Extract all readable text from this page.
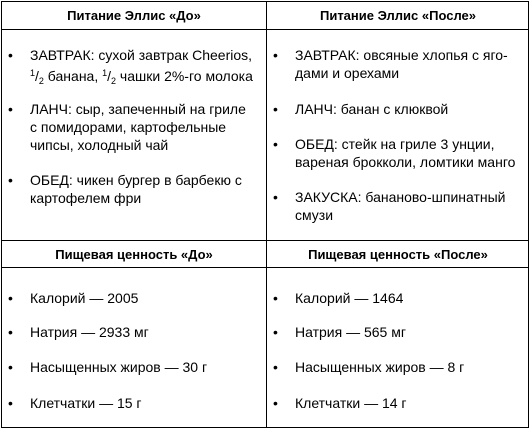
Питание Эллис «До»	Питание Эллис «После»
Пищевая ценность «До»	Пищевая ценность «После»
• ЗАВТРАК: сухой завтрак Cheerios,
$^1/_2$ банана, $^1/_2$ чашки 2%-го молока
• ЛАНЧ: сыр, запеченный на гриле
с помидорами, картофельные
чипсы, холодный чай
• ОБЕД: чикен бургер в барбекю с
картофелем фри
• ЗАВТРАК: овсяные хлопья с яго-
дами и орехами
• ЛАНЧ: банан с клюквой
• ОБЕД: стейк на гриле 3 унции,
вареная брокколи, ломтики манго
• ЗАКУСКА: бананово-шпинатный
смузи
• Калорий — 2005
• Натрия — 2933 мг
• Насыщенных жиров — 30 г
• Клетчатки — 15 г
• Калорий — 1464
• Натрия — 565 мг
• Насыщенных жиров — 8 г
• Клетчатки — 14 г
